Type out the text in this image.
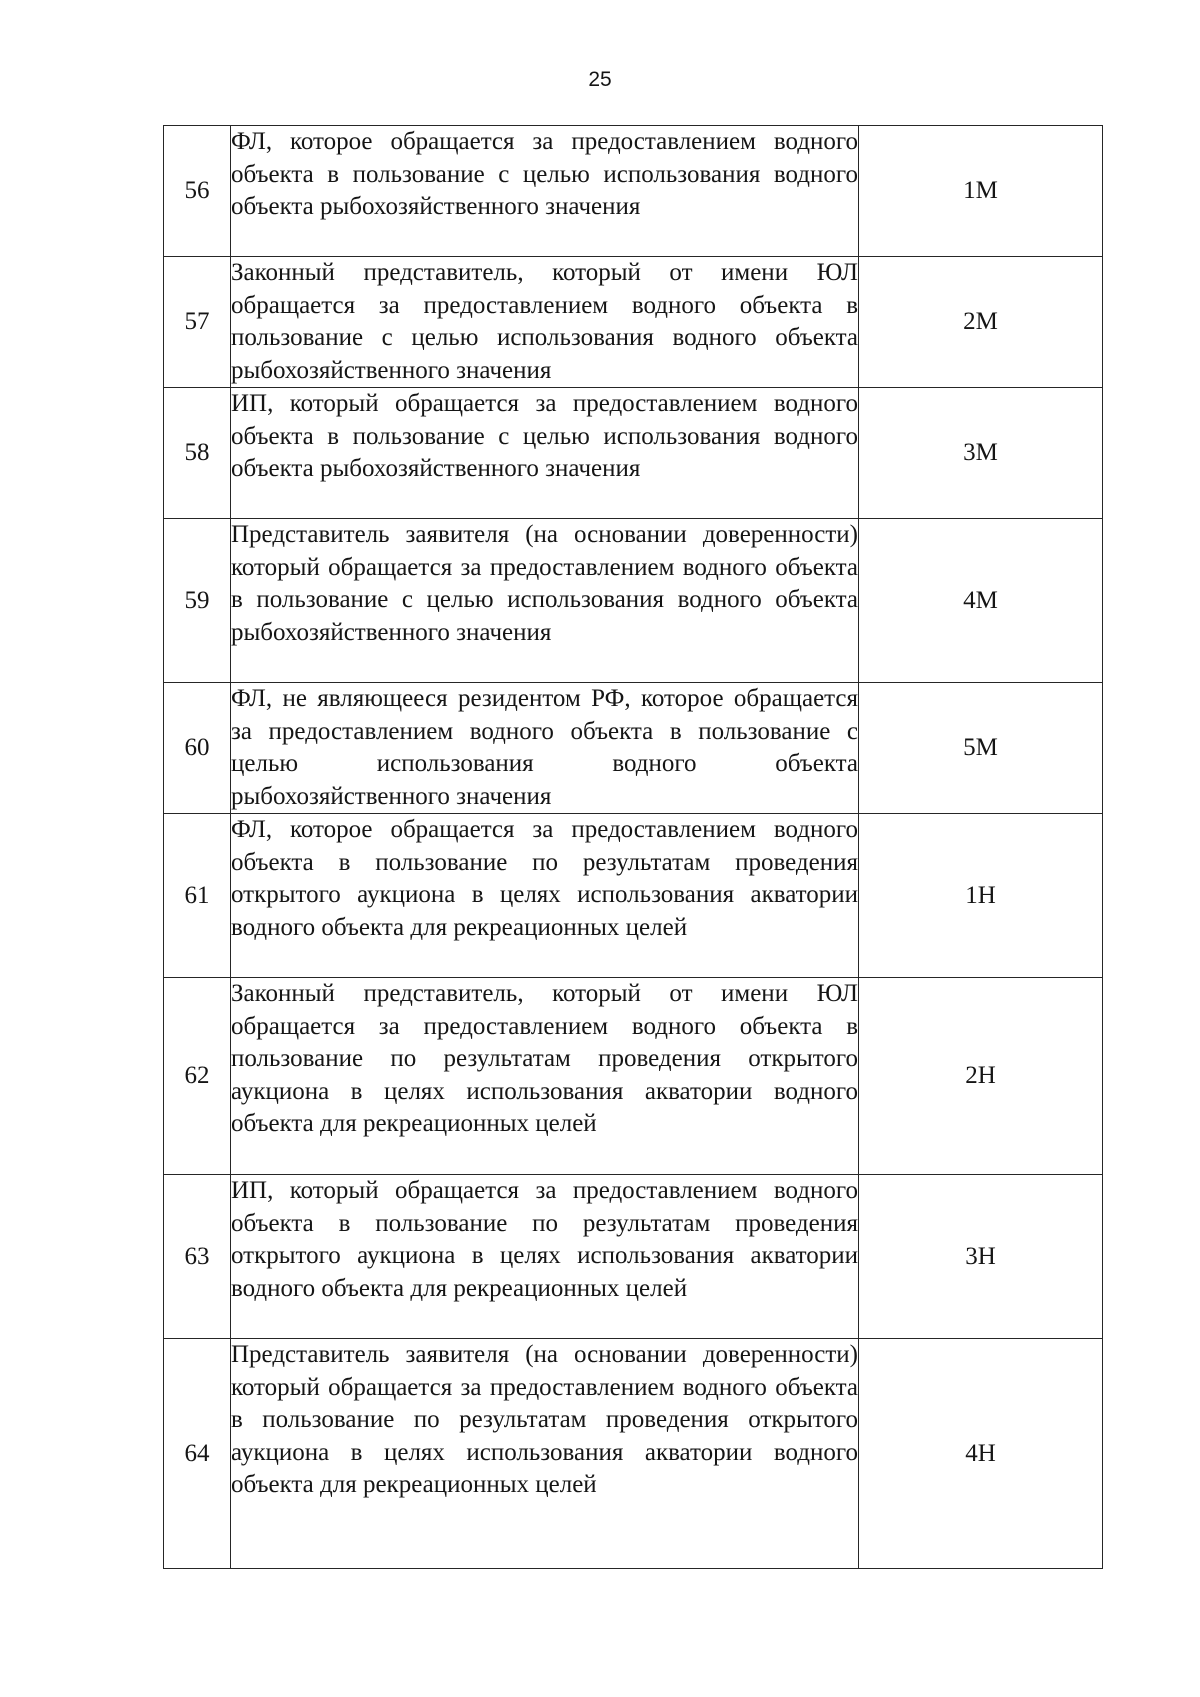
25
56	ФЛ, которое обращается за предоставлением водного объекта в пользование с целью использования водного объекта рыбохозяйственного значения	1М
57	Законный представитель, который от имени ЮЛ обращается за предоставлением водного объекта в пользование с целью использования водного объекта рыбохозяйственного значения	2М
58	ИП, который обращается за предоставлением водного объекта в пользование с целью использования водного объекта рыбохозяйственного значения	3М
59	Представитель заявителя (на основании доверенности) который обращается за предоставлением водного объекта в пользование с целью использования водного объекта рыбохозяйственного значения	4М
60	ФЛ, не являющееся резидентом РФ, которое обращается за предоставлением водного объекта в пользование с целью использования водного объекта рыбохозяйственного значения	5М
61	ФЛ, которое обращается за предоставлением водного объекта в пользование по результатам проведения открытого аукциона в целях использования акватории водного объекта для рекреационных целей	1Н
62	Законный представитель, который от имени ЮЛ обращается за предоставлением водного объекта в пользование по результатам проведения открытого аукциона в целях использования акватории водного объекта для рекреационных целей	2Н
63	ИП, который обращается за предоставлением водного объекта в пользование по результатам проведения открытого аукциона в целях использования акватории водного объекта для рекреационных целей	3Н
64	Представитель заявителя (на основании доверенности) который обращается за предоставлением водного объекта в пользование по результатам проведения открытого аукциона в целях использования акватории водного объекта для рекреационных целей	4Н
